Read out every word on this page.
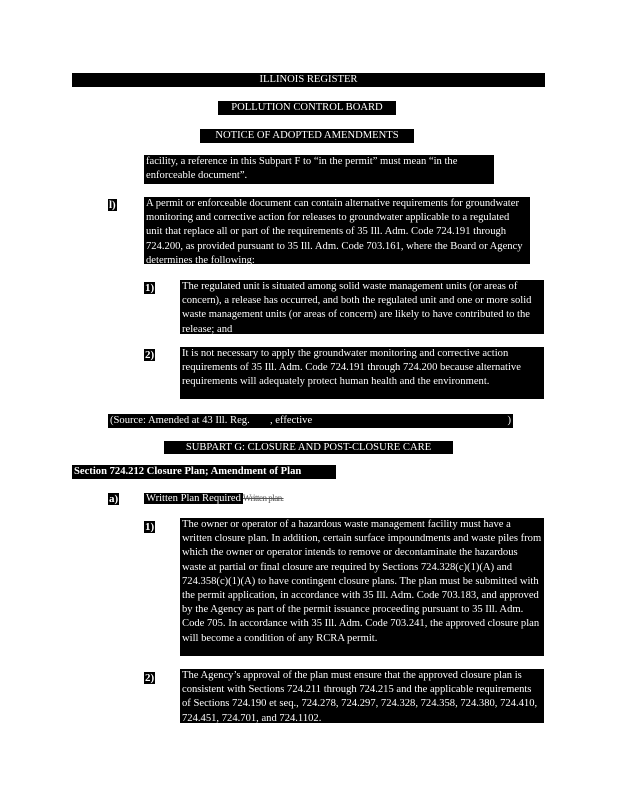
ILLINOIS REGISTER
POLLUTION CONTROL BOARD
NOTICE OF ADOPTED AMENDMENTS
facility, a reference in this Subpart F to “in the permit” must mean “in the enforceable document”.
l)	A permit or enforceable document can contain alternative requirements for groundwater monitoring and corrective action for releases to groundwater applicable to a regulated unit that replace all or part of the requirements of 35 Ill. Adm. Code 724.191 through 724.200, as provided pursuant to 35 Ill. Adm. Code 703.161, where the Board or Agency determines the following:
1)	The regulated unit is situated among solid waste management units (or areas of concern), a release has occurred, and both the regulated unit and one or more solid waste management units (or areas of concern) are likely to have contributed to the release; and
2)	It is not necessary to apply the groundwater monitoring and corrective action requirements of 35 Ill. Adm. Code 724.191 through 724.200 because alternative requirements will adequately protect human health and the environment.
(Source: Amended at 43 Ill. Reg.	, effective	)
SUBPART G: CLOSURE AND POST-CLOSURE CARE
Section 724.212 Closure Plan; Amendment of Plan
a)	Written Plan Required Written plan.
1)	The owner or operator of a hazardous waste management facility must have a written closure plan. In addition, certain surface impoundments and waste piles from which the owner or operator intends to remove or decontaminate the hazardous waste at partial or final closure are required by Sections 724.328(c)(1)(A) and 724.358(c)(1)(A) to have contingent closure plans. The plan must be submitted with the permit application, in accordance with 35 Ill. Adm. Code 703.183, and approved by the Agency as part of the permit issuance proceeding pursuant to 35 Ill. Adm. Code 705. In accordance with 35 Ill. Adm. Code 703.241, the approved closure plan will become a condition of any RCRA permit.
2)	The Agency’s approval of the plan must ensure that the approved closure plan is consistent with Sections 724.211 through 724.215 and the applicable requirements of Sections 724.190 et seq., 724.278, 724.297, 724.328, 724.358, 724.380, 724.410, 724.451, 724.701, and 724.1102.
